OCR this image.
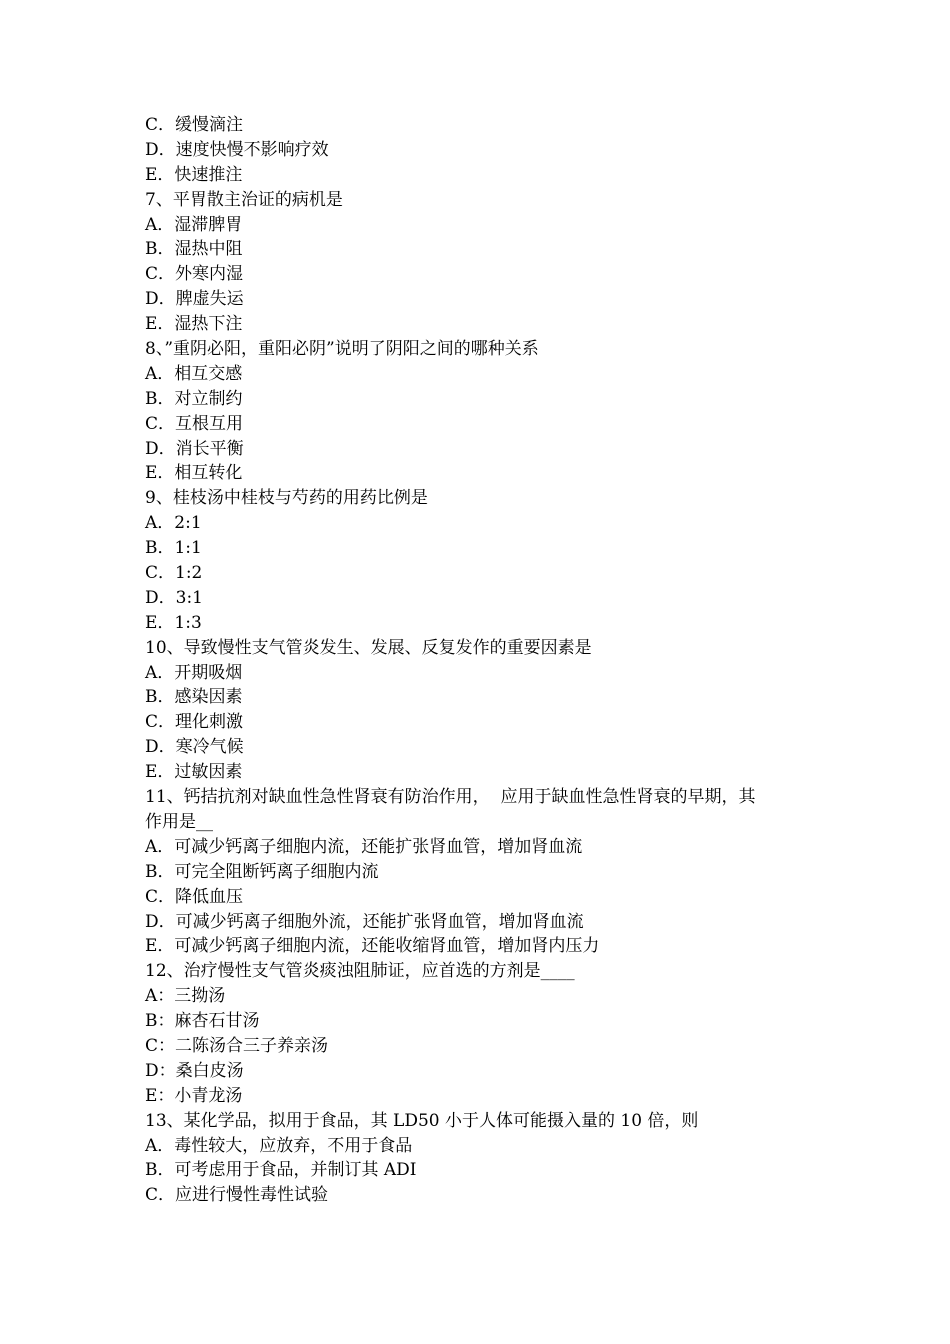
C．缓慢滴注
D．速度快慢不影响疗效
E．快速推注
7、平胃散主治证的病机是
A．湿滞脾胃
B．湿热中阻
C．外寒内湿
D．脾虚失运
E．湿热下注
8、”重阴必阳，重阳必阴”说明了阴阳之间的哪种关系
A．相互交感
B．对立制约
C．互根互用
D．消长平衡
E．相互转化
9、桂枝汤中桂枝与芍药的用药比例是
A．2:1
B．1:1
C．1:2
D．3:1
E．1:3
10、导致慢性支气管炎发生、发展、反复发作的重要因素是
A．开期吸烟
B．感染因素
C．理化刺激
D．寒冷气候
E．过敏因素
11、钙拮抗剂对缺血性急性肾衰有防治作用，  应用于缺血性急性肾衰的早期，其
作用是__
A．可减少钙离子细胞内流，还能扩张肾血管，增加肾血流
B．可完全阻断钙离子细胞内流
C．降低血压
D．可减少钙离子细胞外流，还能扩张肾血管，增加肾血流
E．可减少钙离子细胞内流，还能收缩肾血管，增加肾内压力
12、治疗慢性支气管炎痰浊阻肺证，应首选的方剂是____
A：三拗汤
B：麻杏石甘汤
C：二陈汤合三子养亲汤
D：桑白皮汤
E：小青龙汤
13、某化学品，拟用于食品，其 LD50 小于人体可能摄入量的 10 倍，则
A．毒性较大，应放弃，不用于食品
B．可考虑用于食品，并制订其 ADI
C．应进行慢性毒性试验
